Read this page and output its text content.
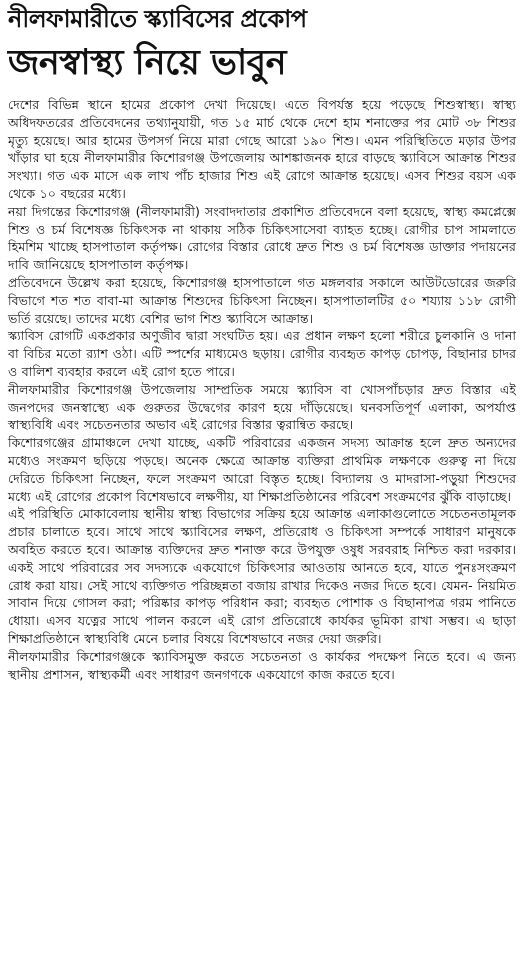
নীলফামারীতে স্ক্যাবিসের প্রকোপ
জনস্বাস্থ্য নিয়ে ভাবুন

দেশের বিভিন্ন স্থানে হামের প্রকোপ দেখা দিয়েছে। এতে বিপর্যস্ত হয়ে পড়েছে শিশুস্বাস্থ্য। স্বাস্থ্য অধিদফতরের প্রতিবেদনের তথ্যানুযায়ী, গত ১৫ মার্চ থেকে দেশে হাম শনাক্তের পর মোট ৩৮ শিশুর মৃত্যু হয়েছে। আর হামের উপসর্গ নিয়ে মারা গেছে আরো ১৯০ শিশু। এমন পরিস্থিতিতে মড়ার উপর খাঁড়ার ঘা হয়ে নীলফামারীর কিশোরগঞ্জ উপজেলায় আশঙ্কাজনক হারে বাড়ছে স্ক্যাবিসে আক্রান্ত শিশুর সংখ্যা। গত এক মাসে এক লাখ পাঁচ হাজার শিশু এই রোগে আক্রান্ত হয়েছে। এসব শিশুর বয়স এক থেকে ১০ বছরের মধ্যে।

নয়া দিগন্তের কিশোরগঞ্জ (নীলফামারী) সংবাদদাতার প্রকাশিত প্রতিবেদনে বলা হয়েছে, স্বাস্থ্য কমপ্লেক্সে শিশু ও চর্ম বিশেষজ্ঞ চিকিৎসক না থাকায় সঠিক চিকিৎসাসেবা ব্যাহত হচ্ছে। রোগীর চাপ সামলাতে হিমশিম খাচ্ছে হাসপাতাল কর্তৃপক্ষ। রোগের বিস্তার রোধে দ্রুত শিশু ও চর্ম বিশেষজ্ঞ ডাক্তার পদায়নের দাবি জানিয়েছে হাসপাতাল কর্তৃপক্ষ।

প্রতিবেদনে উল্লেখ করা হয়েছে, কিশোরগঞ্জ হাসপাতালে গত মঙ্গলবার সকালে আউটডোরের জরুরি বিভাগে শত শত বাবা-মা আক্রান্ত শিশুদের চিকিৎসা নিচ্ছেন। হাসপাতালটির ৫০ শয্যায় ১১৮ রোগী ভর্তি রয়েছে। তাদের মধ্যে বেশির ভাগ শিশু স্ক্যাবিসে আক্রান্ত।

স্ক্যাবিস রোগটি একপ্রকার অণুজীব দ্বারা সংঘটিত হয়। এর প্রধান লক্ষণ হলো শরীরে চুলকানি ও দানা বা বিচির মতো র‍্যাশ ওঠা। এটি স্পর্শের মাধ্যমেও ছড়ায়। রোগীর ব্যবহৃত কাপড় চোপড়, বিছানার চাদর ও বালিশ ব্যবহার করলে এই রোগ হতে পারে।

নীলফামারীর কিশোরগঞ্জ উপজেলায় সাম্প্রতিক সময়ে স্ক্যাবিস বা খোসপাঁচড়ার দ্রুত বিস্তার এই জনপদের জনস্বাস্থ্যে এক গুরুতর উদ্বেগের কারণ হয়ে দাঁড়িয়েছে। ঘনবসতিপূর্ণ এলাকা, অপর্যাপ্ত স্বাস্থ্যবিধি এবং সচেতনতার অভাব এই রোগের বিস্তার ত্বরান্বিত করছে।

কিশোরগঞ্জের গ্রামাঞ্চলে দেখা যাচ্ছে, একটি পরিবারের একজন সদস্য আক্রান্ত হলে দ্রুত অন্যদের মধ্যেও সংক্রমণ ছড়িয়ে পড়ছে। অনেক ক্ষেত্রে আক্রান্ত ব্যক্তিরা প্রাথমিক লক্ষণকে গুরুত্ব না দিয়ে দেরিতে চিকিৎসা নিচ্ছেন, ফলে সংক্রমণ আরো বিস্তৃত হচ্ছে। বিদ্যালয় ও মাদরাসা-পড়ুয়া শিশুদের মধ্যে এই রোগের প্রকোপ বিশেষভাবে লক্ষণীয়, যা শিক্ষাপ্রতিষ্ঠানের পরিবেশ সংক্রমণের ঝুঁকি বাড়াচ্ছে।

এই পরিস্থিতি মোকাবেলায় স্থানীয় স্বাস্থ্য বিভাগের সক্রিয় হয়ে আক্রান্ত এলাকাগুলোতে সচেতনতামূলক প্রচার চালাতে হবে। সাথে সাথে স্ক্যাবিসের লক্ষণ, প্রতিরোধ ও চিকিৎসা সম্পর্কে সাধারণ মানুষকে অবহিত করতে হবে। আক্রান্ত ব্যক্তিদের দ্রুত শনাক্ত করে উপযুক্ত ওষুধ সরবরাহ নিশ্চিত করা দরকার। একই সাথে পরিবারের সব সদস্যকে একযোগে চিকিৎসার আওতায় আনতে হবে, যাতে পুনঃসংক্রমণ রোধ করা যায়। সেই সাথে ব্যক্তিগত পরিচ্ছন্নতা বজায় রাখার দিকেও নজর দিতে হবে। যেমন- নিয়মিত সাবান দিয়ে গোসল করা; পরিষ্কার কাপড় পরিধান করা; ব্যবহৃত পোশাক ও বিছানাপত্র গরম পানিতে ধোয়া। এসব যত্নের সাথে পালন করলে এই রোগ প্রতিরোধে কার্যকর ভূমিকা রাখা সম্ভব। এ ছাড়া শিক্ষাপ্রতিষ্ঠানে স্বাস্থ্যবিধি মেনে চলার বিষয়ে বিশেষভাবে নজর দেয়া জরুরি।

নীলফামারীর কিশোরগঞ্জকে স্ক্যাবিসমুক্ত করতে সচেতনতা ও কার্যকর পদক্ষেপ নিতে হবে। এ জন্য স্থানীয় প্রশাসন, স্বাস্থ্যকর্মী এবং সাধারণ জনগণকে একযোগে কাজ করতে হবে।
